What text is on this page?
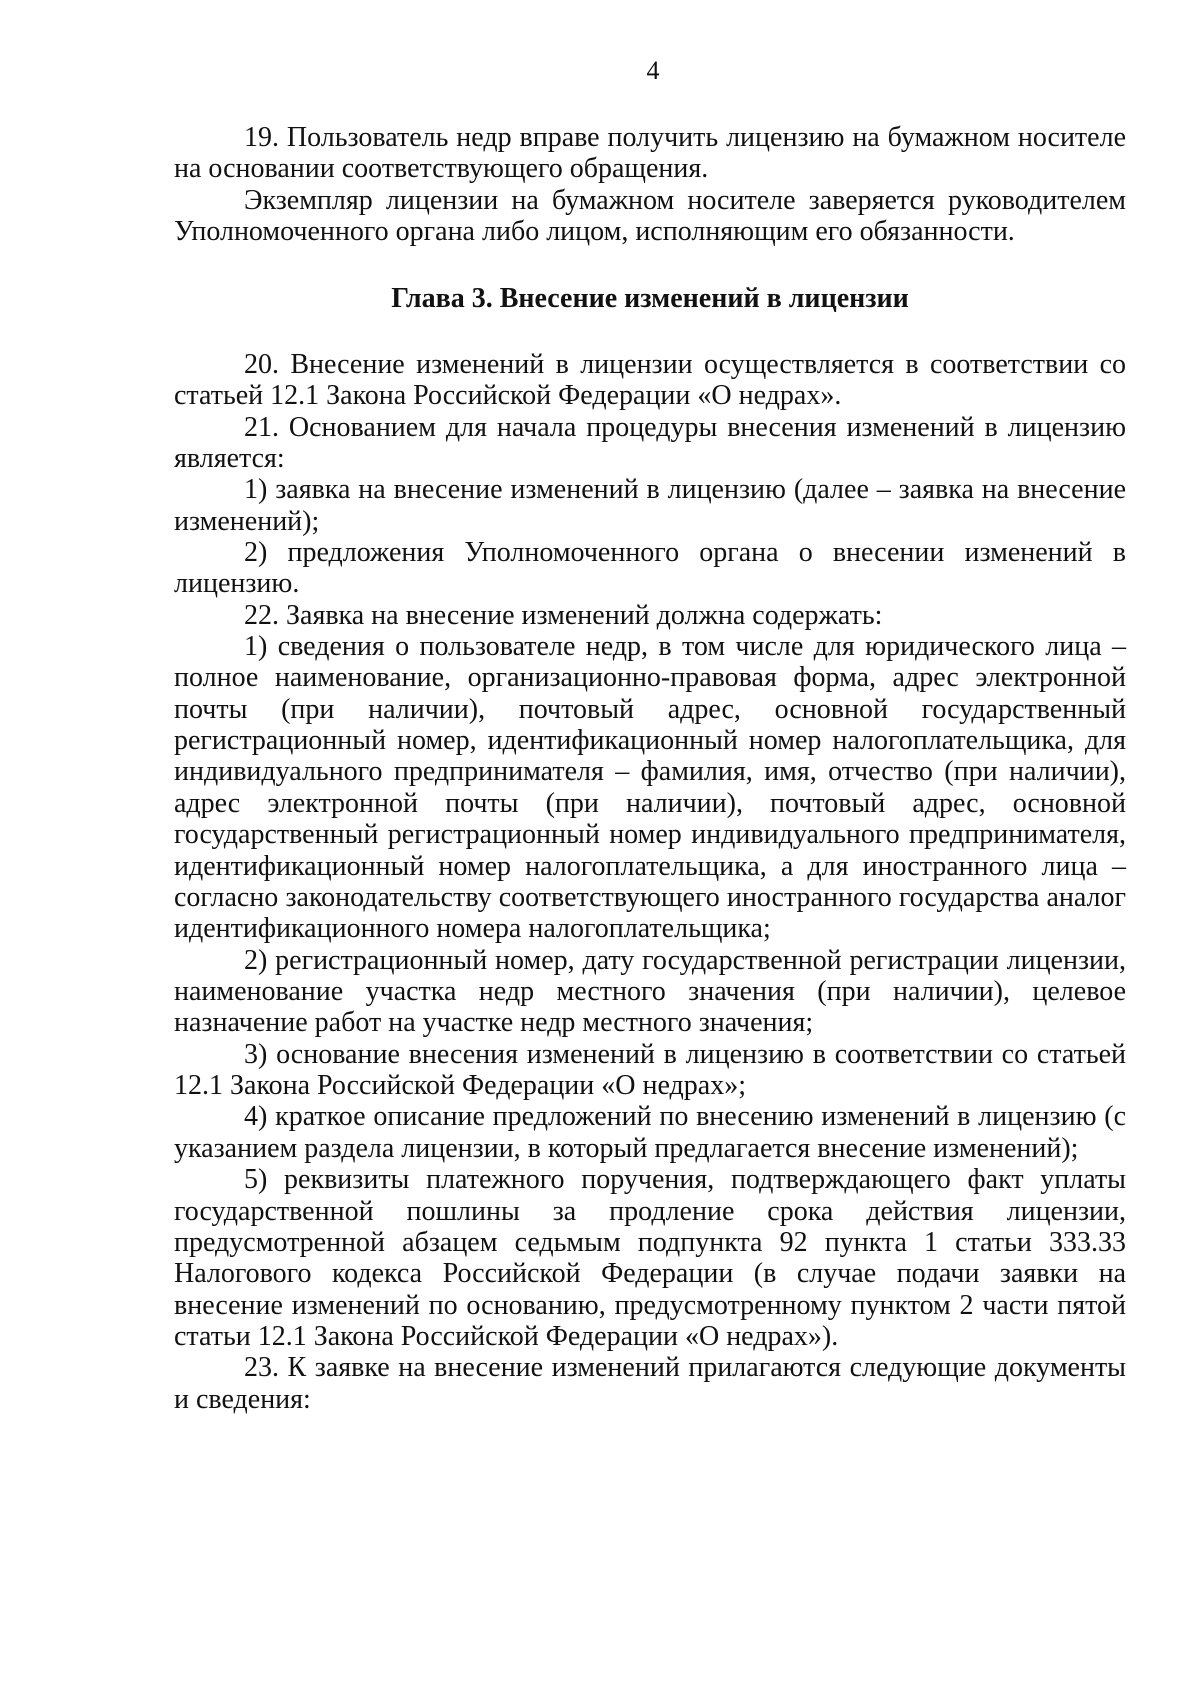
4

19. Пользователь недр вправе получить лицензию на бумажном носителе на основании соответствующего обращения.

Экземпляр лицензии на бумажном носителе заверяется руководителем Уполномоченного органа либо лицом, исполняющим его обязанности.

Глава 3. Внесение изменений в лицензии

20. Внесение изменений в лицензии осуществляется в соответствии со статьей 12.1 Закона Российской Федерации «О недрах».

21. Основанием для начала процедуры внесения изменений в лицензию является:

1) заявка на внесение изменений в лицензию (далее – заявка на внесение изменений);

2) предложения Уполномоченного органа о внесении изменений в лицензию.

22. Заявка на внесение изменений должна содержать:

1) сведения о пользователе недр, в том числе для юридического лица – полное наименование, организационно-правовая форма, адрес электронной почты (при наличии), почтовый адрес, основной государственный регистрационный номер, идентификационный номер налогоплательщика, для индивидуального предпринимателя – фамилия, имя, отчество (при наличии), адрес электронной почты (при наличии), почтовый адрес, основной государственный регистрационный номер индивидуального предпринимателя, идентификационный номер налогоплательщика, а для иностранного лица – согласно законодательству соответствующего иностранного государства аналог идентификационного номера налогоплательщика;

2) регистрационный номер, дату государственной регистрации лицензии, наименование участка недр местного значения (при наличии), целевое назначение работ на участке недр местного значения;

3) основание внесения изменений в лицензию в соответствии со статьей 12.1 Закона Российской Федерации «О недрах»;

4) краткое описание предложений по внесению изменений в лицензию (с указанием раздела лицензии, в который предлагается внесение изменений);

5) реквизиты платежного поручения, подтверждающего факт уплаты государственной пошлины за продление срока действия лицензии, предусмотренной абзацем седьмым подпункта 92 пункта 1 статьи 333.33 Налогового кодекса Российской Федерации (в случае подачи заявки на внесение изменений по основанию, предусмотренному пунктом 2 части пятой статьи 12.1 Закона Российской Федерации «О недрах»).

23. К заявке на внесение изменений прилагаются следующие документы и сведения:
